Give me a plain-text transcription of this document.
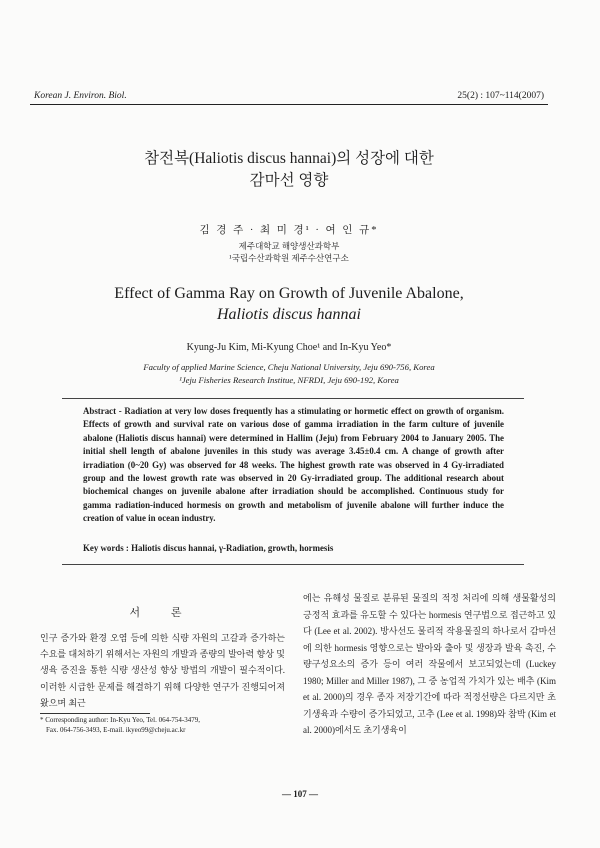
Korean J. Environ. Biol.	25(2) : 107~114(2007)
참전복(Haliotis discus hannai)의 성장에 대한
감마선 영향
김 경 주 · 최 미 경¹ · 여 인 규*
제주대학교 해양생산과학부
¹국립수산과학원 제주수산연구소
Effect of Gamma Ray on Growth of Juvenile Abalone,
Haliotis discus hannai
Kyung-Ju Kim, Mi-Kyung Choe¹ and In-Kyu Yeo*
Faculty of applied Marine Science, Cheju National University, Jeju 690-756, Korea
¹Jeju Fisheries Research Institue, NFRDI, Jeju 690-192, Korea
Abstract - Radiation at very low doses frequently has a stimulating or hormetic effect on growth of organism. Effects of growth and survival rate on various dose of gamma irradiation in the farm culture of juvenile abalone (Haliotis discus hannai) were determined in Hallim (Jeju) from February 2004 to January 2005. The initial shell length of abalone juveniles in this study was average 3.45±0.4 cm. A change of growth after irradiation (0~20 Gy) was observed for 48 weeks. The highest growth rate was observed in 4 Gy-irradiated group and the lowest growth rate was observed in 20 Gy-irradiated group. The additional research about biochemical changes on juvenile abalone after irradiation should be accomplished. Continuous study for gamma radiation-induced hormesis on growth and metabolism of juvenile abalone will further induce the creation of value in ocean industry.
Key words : Haliotis discus hannai, γ-Radiation, growth, hormesis
서 론
인구 증가와 환경 오염 등에 의한 식량 자원의 고갈과 증가하는 수요를 대처하기 위해서는 자원의 개발과 종량의 발아력 향상 및 생육 증진을 통한 식량 생산성 향상 방법의 개발이 필수적이다. 이러한 시급한 문제를 해결하기 위해 다양한 연구가 진행되어져 왔으며 최근
에는 유해성 물질로 분류된 물질의 적정 처리에 의해 생물활성의 긍정적 효과를 유도할 수 있다는 hormesis 연구법으로 접근하고 있다 (Lee et al. 2002). 방사선도 물리적 작용물질의 하나로서 감마선에 의한 hormesis 영향으로는 발아와 출아 및 생장과 발육 촉진, 수량구성요소의 증가 등이 여러 작물에서 보고되었는데 (Luckey 1980; Miller and Miller 1987), 그 중 농업적 가치가 있는 배추 (Kim et al. 2000)의 경우 종자 저장기간에 따라 적정선량은 다르지만 초기생육과 수량이 증가되었고, 고추 (Lee et al. 1998)와 참박 (Kim et al. 2000)에서도 초기생육이
* Corresponding author: In-Kyu Yeo, Tel. 064-754-3479,
Fax. 064-756-3493, E-mail. ikyeo99@cheju.ac.kr
— 107 —
